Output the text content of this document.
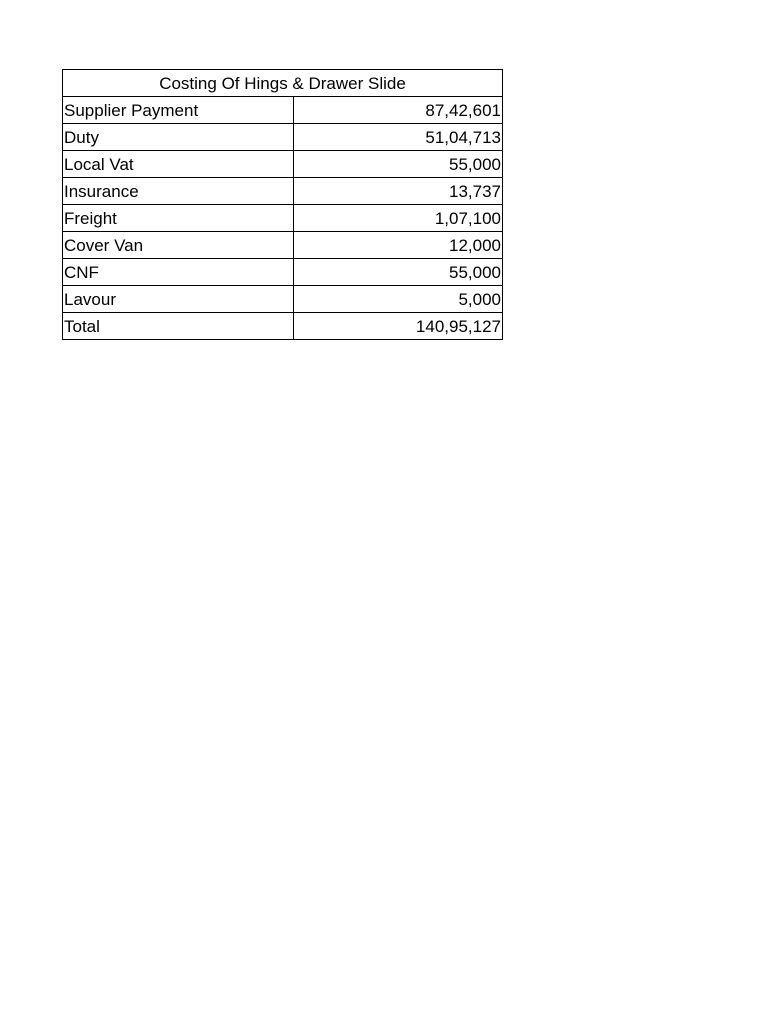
Costing Of Hings & Drawer Slide	
Supplier Payment	87,42,601
Duty	51,04,713
Local Vat	55,000
Insurance	13,737
Freight	1,07,100
Cover Van	12,000
CNF	55,000
Lavour	5,000
Total	140,95,127
